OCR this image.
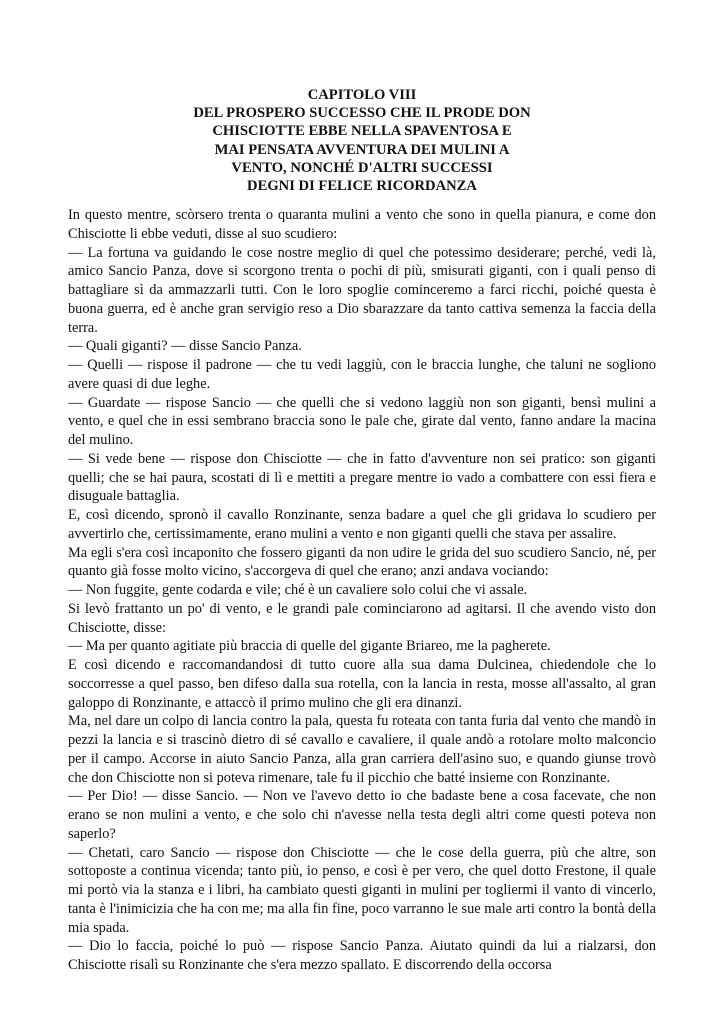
CAPITOLO VIII
DEL PROSPERO SUCCESSO CHE IL PRODE DON
CHISCIOTTE EBBE NELLA SPAVENTOSA E
MAI PENSATA AVVENTURA DEI MULINI A
VENTO, NONCHÉ D'ALTRI SUCCESSI
DEGNI DI FELICE RICORDANZA

In questo mentre, scòrsero trenta o quaranta mulini a vento che sono in quella pianura, e come don Chisciotte li ebbe veduti, disse al suo scudiero:

— La fortuna va guidando le cose nostre meglio di quel che potessimo desiderare; perché, vedi là, amico Sancio Panza, dove si scorgono trenta o pochi di più, smisurati giganti, con i quali penso di battagliare sì da ammazzarli tutti. Con le loro spoglie cominceremo a farci ricchi, poiché questa è buona guerra, ed è anche gran servigio reso a Dio sbarazzare da tanto cattiva semenza la faccia della terra.

— Quali giganti? — disse Sancio Panza.

— Quelli — rispose il padrone — che tu vedi laggiù, con le braccia lunghe, che taluni ne sogliono avere quasi di due leghe.

— Guardate — rispose Sancio — che quelli che si vedono laggiù non son giganti, bensì mulini a vento, e quel che in essi sembrano braccia sono le pale che, girate dal vento, fanno andare la macina del mulino.

— Si vede bene — rispose don Chisciotte — che in fatto d'avventure non sei pratico: son giganti quelli; che se hai paura, scostati di lì e mettiti a pregare mentre io vado a combattere con essi fiera e disuguale battaglia.

E, così dicendo, spronò il cavallo Ronzinante, senza badare a quel che gli gridava lo scudiero per avvertirlo che, certissimamente, erano mulini a vento e non giganti quelli che stava per assalire.

Ma egli s'era così incaponito che fossero giganti da non udire le grida del suo scudiero Sancio, né, per quanto già fosse molto vicino, s'accorgeva di quel che erano; anzi andava vociando:

— Non fuggite, gente codarda e vile; ché è un cavaliere solo colui che vi assale.

Si levò frattanto un po' di vento, e le grandi pale cominciarono ad agitarsi. Il che avendo visto don Chisciotte, disse:

— Ma per quanto agitiate più braccia di quelle del gigante Briareo, me la pagherete.

E così dicendo e raccomandandosi di tutto cuore alla sua dama Dulcinea, chiedendole che lo soccorresse a quel passo, ben difeso dalla sua rotella, con la lancia in resta, mosse all'assalto, al gran galoppo di Ronzinante, e attaccò il primo mulino che gli era dinanzi.

Ma, nel dare un colpo di lancia contro la pala, questa fu roteata con tanta furia dal vento che mandò in pezzi la lancia e si trascinò dietro di sé cavallo e cavaliere, il quale andò a rotolare molto malconcio per il campo. Accorse in aiuto Sancio Panza, alla gran carriera dell'asino suo, e quando giunse trovò che don Chisciotte non si poteva rimenare, tale fu il picchio che batté insieme con Ronzinante.

— Per Dio! — disse Sancio. — Non ve l'avevo detto io che badaste bene a cosa facevate, che non erano se non mulini a vento, e che solo chi n'avesse nella testa degli altri come questi poteva non saperlo?

— Chetati, caro Sancio — rispose don Chisciotte — che le cose della guerra, più che altre, son sottoposte a continua vicenda; tanto più, io penso, e così è per vero, che quel dotto Frestone, il quale mi portò via la stanza e i libri, ha cambiato questi giganti in mulini per togliermi il vanto di vincerlo, tanta è l'inimicizia che ha con me; ma alla fin fine, poco varranno le sue male arti contro la bontà della mia spada.

— Dio lo faccia, poiché lo può — rispose Sancio Panza. Aiutato quindi da lui a rialzarsi, don Chisciotte risalì su Ronzinante che s'era mezzo spallato. E discorrendo della occorsa
